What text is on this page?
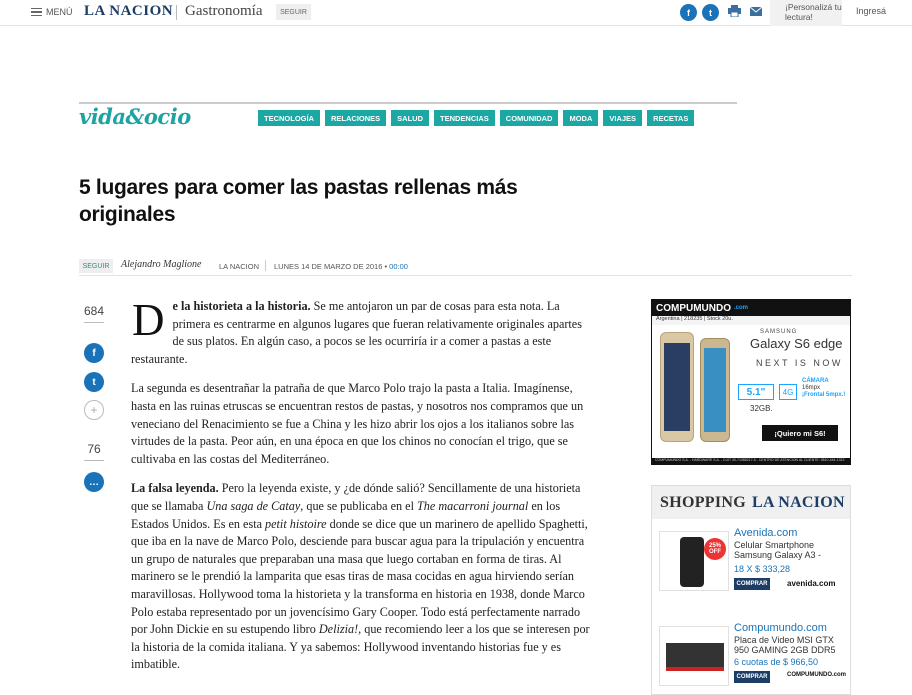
MENÚ LA NACION Gastronomía	SEGUIR	f	t
¡Personalizá tu lectura!
Ingresá
vida&ocio	TECNOLOGÍA	RELACIONES	SALUD	TENDENCIAS	COMUNIDAD	MODA	VIAJES	RECETAS
5 lugares para comer las pastas rellenas más originales
SEGUIR	Alejandro Maglione LA NACION LUNES 14 DE MARZO DE 2016 • 00:00
684
f
t
+
76
…

De la historieta a la historia. Se me antojaron un par de cosas para esta nota. La primera es centrarme en algunos lugares que fueran relativamente originales apartes de sus platos. En algún caso, a pocos se les ocurriría ir a comer a pastas a este restaurante.

La segunda es desentrañar la patraña de que Marco Polo trajo la pasta a Italia. Imagínense, hasta en las ruinas etruscas se encuentran restos de pastas, y nosotros nos compramos que un veneciano del Renacimiento se fue a China y les hizo abrir los ojos a los italianos sobre las virtudes de la pasta. Peor aún, en una época en que los chinos no conocían el trigo, que se cultivaba en las costas del Mediterráneo.

La falsa leyenda. Pero la leyenda existe, y ¿de dónde salió? Sencillamente de una historieta que se llamaba Una saga de Catay, que se publicaba en el The macarroni journal en los Estados Unidos. Es en esta petit histoire donde se dice que un marinero de apellido Spaghetti, que iba en la nave de Marco Polo, desciende para buscar agua para la tripulación y encuentra un grupo de naturales que preparaban una masa que luego cortaban en forma de tiras. Al marinero se le prendió la lamparita que esas tiras de masa cocidas en agua hirviendo serían maravillosas. Hollywood toma la historieta y la transforma en historia en 1938, donde Marco Polo estaba representado por un jovencísimo Gary Cooper. Todo está perfectamente narrado por John Dickie en su estupendo libro Delizia!, que recomiendo leer a los que se interesen por la historia de la comida italiana. Y ya sabemos: Hollywood inventando historias fue y es imbatible.

COMPUMUNDO .com
Argentina | 218235 | Stock 20u.
SAMSUNG
Galaxy S6 edge
NEXT IS NOW
5.1"	4G
CÁMARA
16mpx
¡Frontal 5mpx.!
32GB.
¡Quiero mi S6!
COMPUMUNDO S.A. - HARDWARE S.A. - CUIT 30-71086217-5 - CENTRO DE ATENCIÓN AL CLIENTE: 0810-444-1313
SHOPPING LA NACION
25% OFF
Avenida.com
Celular Smartphone Samsung Galaxy A3 -
18 X $ 333,28
COMPRAR	avenida.com
Compumundo.com
Placa de Video MSI GTX 950 GAMING 2GB DDR5
6 cuotas de $ 966,50
COMPRAR	COMPUMUNDO.com
